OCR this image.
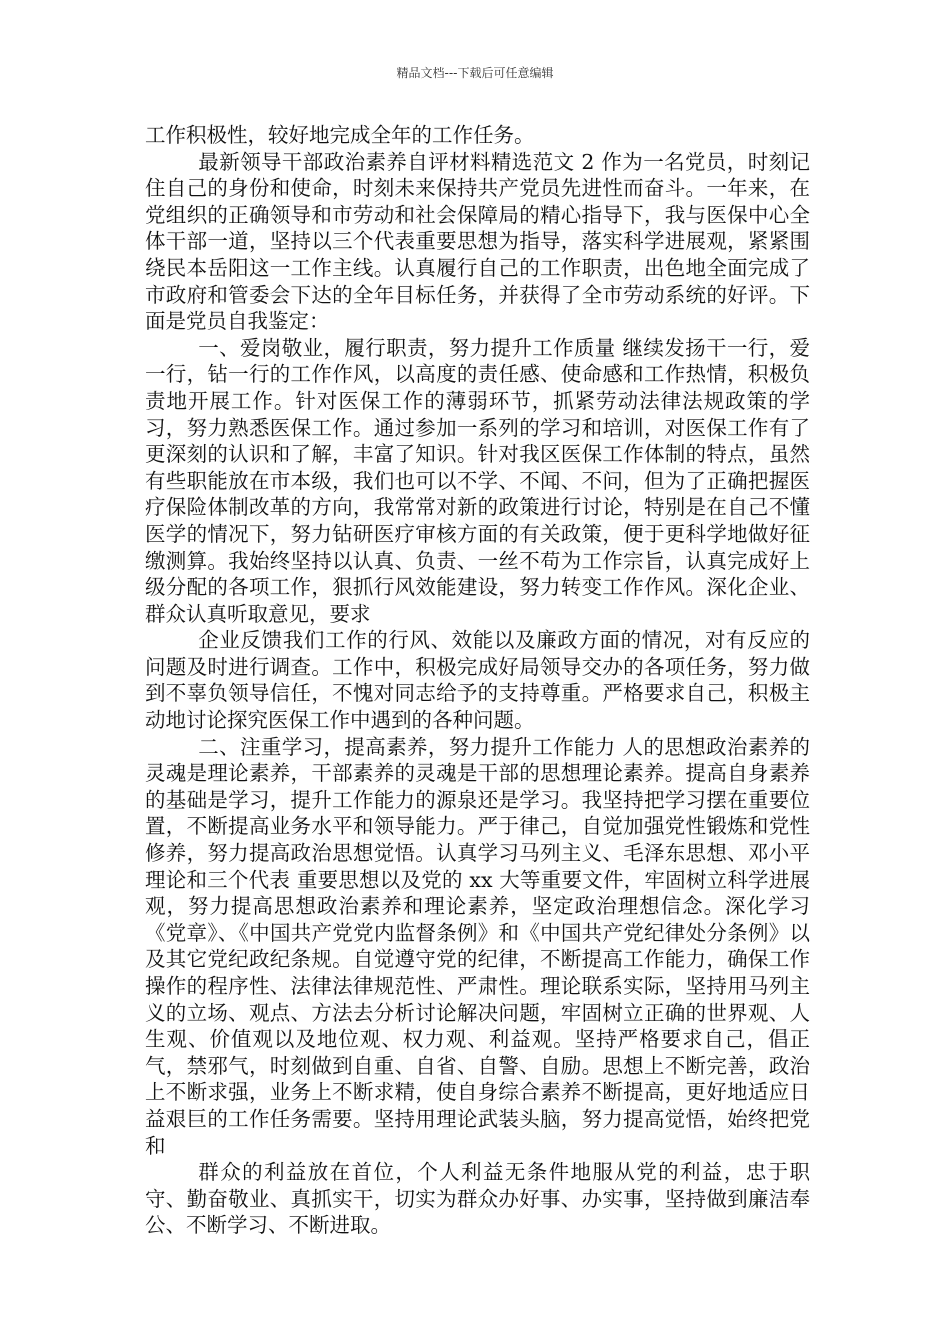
精品文档---下载后可任意编辑

工作积极性，较好地完成全年的工作任务。

最新领导干部政治素养自评材料精选范文 2 作为一名党员，时刻记住自己的身份和使命，时刻未来保持共产党员先进性而奋斗。一年来，在党组织的正确领导和市劳动和社会保障局的精心指导下，我与医保中心全体干部一道，坚持以三个代表重要思想为指导，落实科学进展观，紧紧围绕民本岳阳这一工作主线。认真履行自己的工作职责，出色地全面完成了市政府和管委会下达的全年目标任务，并获得了全市劳动系统的好评。下面是党员自我鉴定：

一、爱岗敬业，履行职责，努力提升工作质量 继续发扬干一行，爱一行，钻一行的工作作风，以高度的责任感、使命感和工作热情，积极负责地开展工作。针对医保工作的薄弱环节，抓紧劳动法律法规政策的学习，努力熟悉医保工作。通过参加一系列的学习和培训，对医保工作有了更深刻的认识和了解，丰富了知识。针对我区医保工作体制的特点，虽然有些职能放在市本级，我们也可以不学、不闻、不问，但为了正确把握医疗保险体制改革的方向，我常常对新的政策进行讨论，特别是在自己不懂医学的情况下，努力钻研医疗审核方面的有关政策，便于更科学地做好征缴测算。我始终坚持以认真、负责、一丝不苟为工作宗旨，认真完成好上级分配的各项工作，狠抓行风效能建设，努力转变工作作风。深化企业、群众认真听取意见，要求

企业反馈我们工作的行风、效能以及廉政方面的情况，对有反应的问题及时进行调查。工作中，积极完成好局领导交办的各项任务，努力做到不辜负领导信任，不愧对同志给予的支持尊重。严格要求自己，积极主动地讨论探究医保工作中遇到的各种问题。

二、注重学习，提高素养，努力提升工作能力 人的思想政治素养的灵魂是理论素养，干部素养的灵魂是干部的思想理论素养。提高自身素养的基础是学习，提升工作能力的源泉还是学习。我坚持把学习摆在重要位置，不断提高业务水平和领导能力。严于律己，自觉加强党性锻炼和党性修养，努力提高政治思想觉悟。认真学习马列主义、毛泽东思想、邓小平理论和三个代表 重要思想以及党的 xx 大等重要文件，牢固树立科学进展观，努力提高思想政治素养和理论素养，坚定政治理想信念。深化学习《党章》、《中国共产党党内监督条例》和《中国共产党纪律处分条例》以及其它党纪政纪条规。自觉遵守党的纪律，不断提高工作能力，确保工作操作的程序性、法律法律规范性、严肃性。理论联系实际，坚持用马列主义的立场、观点、方法去分析讨论解决问题，牢固树立正确的世界观、人生观、价值观以及地位观、权力观、利益观。坚持严格要求自己，倡正气，禁邪气，时刻做到自重、自省、自警、自励。思想上不断完善，政治上不断求强，业务上不断求精，使自身综合素养不断提高，更好地适应日益艰巨的工作任务需要。坚持用理论武装头脑，努力提高觉悟，始终把党和

群众的利益放在首位，个人利益无条件地服从党的利益，忠于职守、勤奋敬业、真抓实干，切实为群众办好事、办实事，坚持做到廉洁奉公、不断学习、不断进取。
